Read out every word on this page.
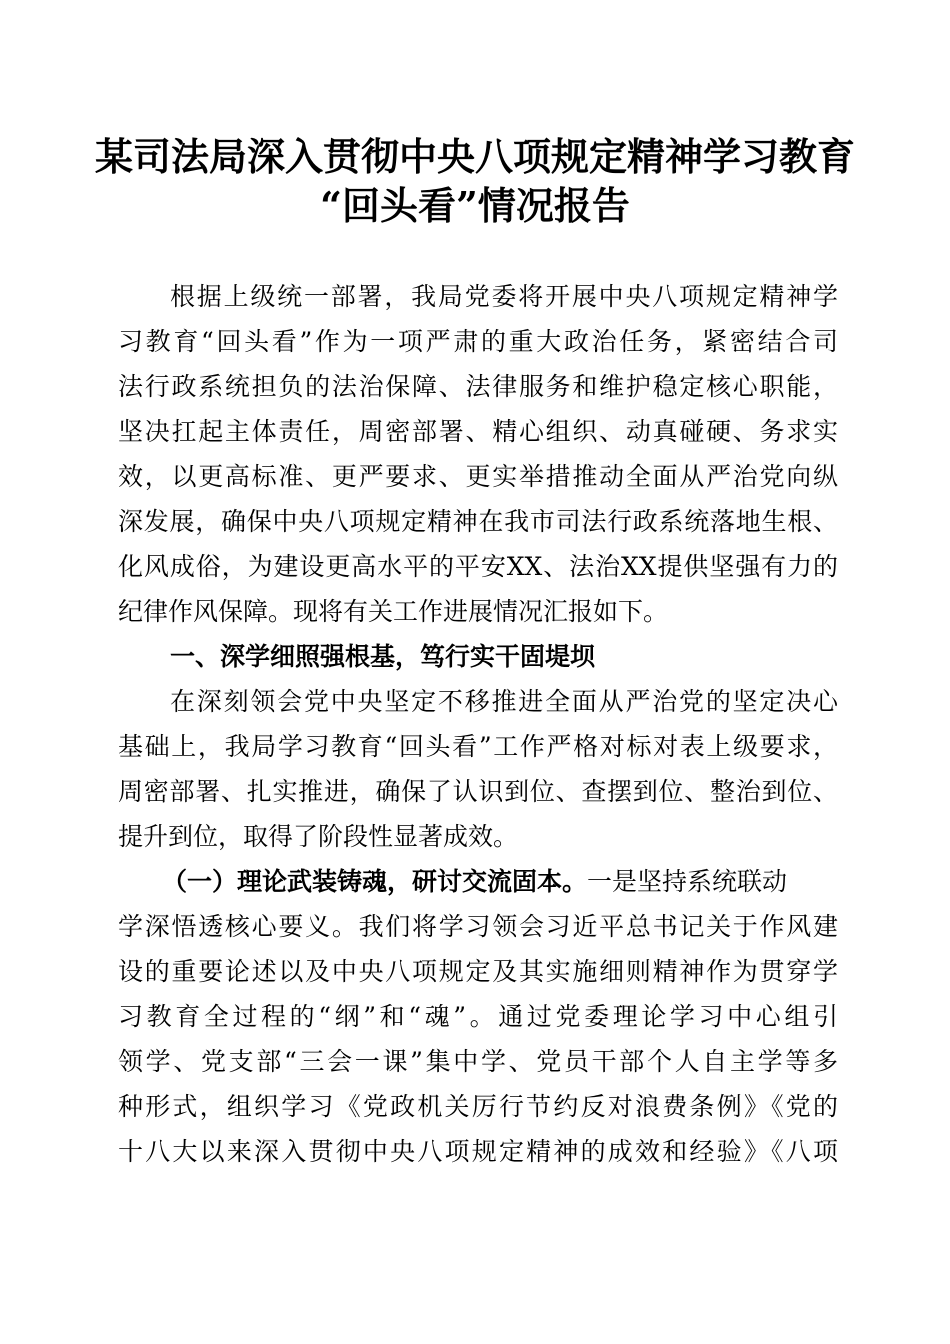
某司法局深入贯彻中央八项规定精神学习教育
“回头看”情况报告
根据上级统一部署，我局党委将开展中央八项规定精神学
习教育“回头看”作为一项严肃的重大政治任务，紧密结合司
法行政系统担负的法治保障、法律服务和维护稳定核心职能，
坚决扛起主体责任，周密部署、精心组织、动真碰硬、务求实
效，以更高标准、更严要求、更实举措推动全面从严治党向纵
深发展，确保中央八项规定精神在我市司法行政系统落地生根、
化风成俗，为建设更高水平的平安XX、法治XX提供坚强有力的
纪律作风保障。现将有关工作进展情况汇报如下。
一、深学细照强根基，笃行实干固堤坝
在深刻领会党中央坚定不移推进全面从严治党的坚定决心
基础上，我局学习教育“回头看”工作严格对标对表上级要求，
周密部署、扎实推进，确保了认识到位、查摆到位、整治到位、
提升到位，取得了阶段性显著成效。
（一）理论武装铸魂，研讨交流固本。一是坚持系统联动
学深悟透核心要义。我们将学习领会习近平总书记关于作风建
设的重要论述以及中央八项规定及其实施细则精神作为贯穿学
习教育全过程的“纲”和“魂”。通过党委理论学习中心组引
领学、党支部“三会一课”集中学、党员干部个人自主学等多
种形式，组织学习《党政机关厉行节约反对浪费条例》《党的
十八大以来深入贯彻中央八项规定精神的成效和经验》《八项
